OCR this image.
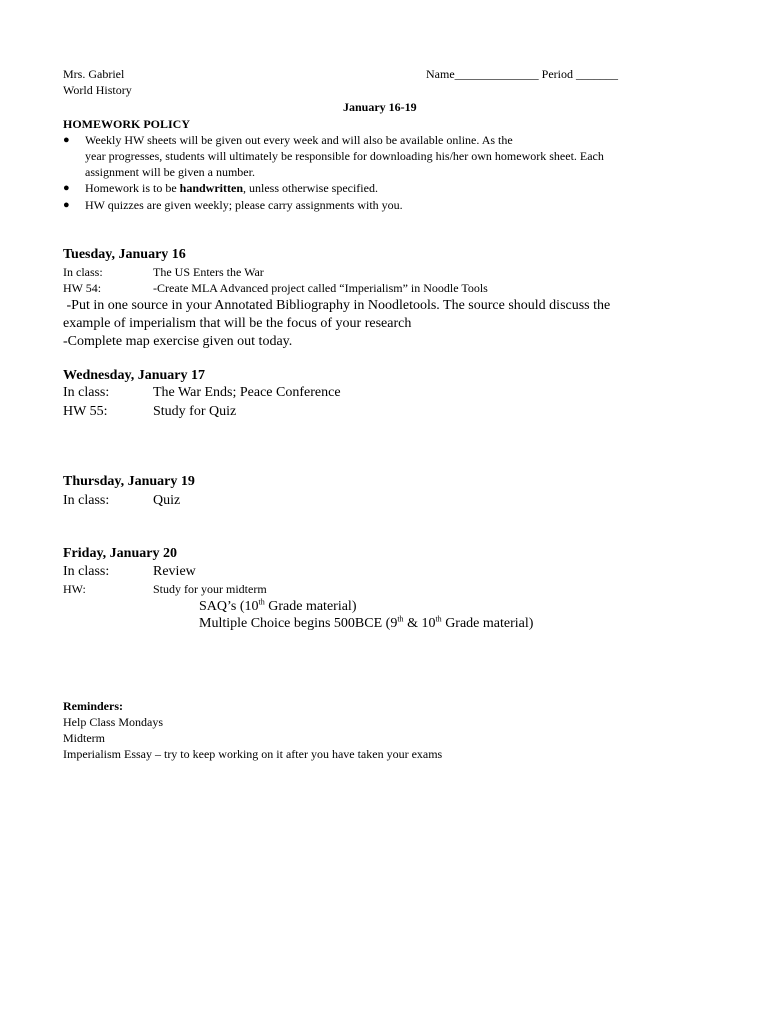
Mrs. Gabriel
World History
Name______________ Period _______
January 16-19
HOMEWORK POLICY
●	Weekly HW sheets will be given out every week and will also be available online. As the
year progresses, students will ultimately be responsible for downloading his/her own homework sheet. Each
assignment will be given a number.
●	Homework is to be handwritten, unless otherwise specified.
●	HW quizzes are given weekly; please carry assignments with you.
Tuesday, January 16
In class:	The US Enters the War
HW 54:	-Create MLA Advanced project called “Imperialism” in Noodle Tools
-Put in one source in your Annotated Bibliography in Noodletools. The source should discuss the
example of imperialism that will be the focus of your research
-Complete map exercise given out today.
Wednesday, January 17
In class:	The War Ends; Peace Conference
HW 55:	Study for Quiz
Thursday, January 19
In class:	Quiz
Friday, January 20
In class:	Review
HW:	Study for your midterm
SAQ’s (10th Grade material)
Multiple Choice begins 500BCE (9th & 10th Grade material)
Reminders:
Help Class Mondays
Midterm
Imperialism Essay – try to keep working on it after you have taken your exams
